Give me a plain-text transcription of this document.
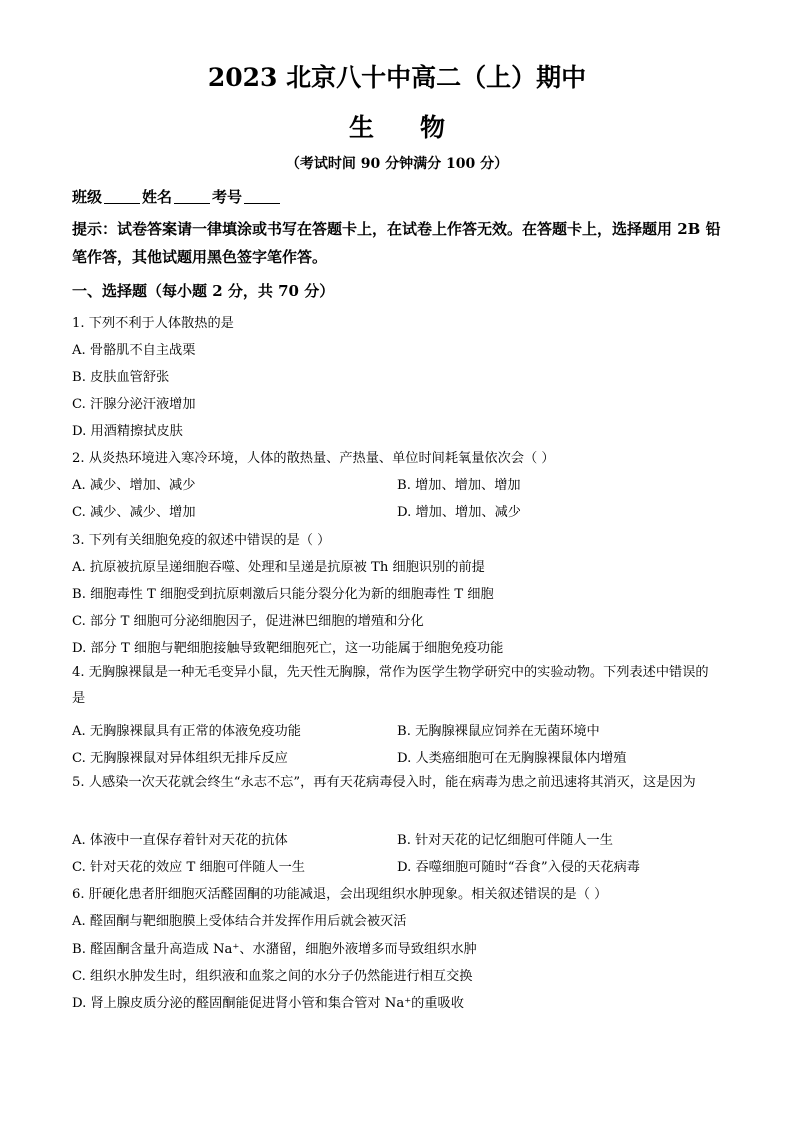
2023 北京八十中高二（上）期中
生 物
（考试时间 90 分钟满分 100 分）
班级	姓名	考号
提示：试卷答案请一律填涂或书写在答题卡上，在试卷上作答无效。在答题卡上，选择题用 2B 铅笔作答，其他试题用黑色签字笔作答。
一、选择题（每小题 2 分，共 70 分）
1. 下列不利于人体散热的是
A. 骨骼肌不自主战栗
B. 皮肤血管舒张
C. 汗腺分泌汗液增加
D. 用酒精擦拭皮肤
2. 从炎热环境进入寒冷环境，人体的散热量、产热量、单位时间耗氧量依次会（ ）
A. 减少、增加、减少	B. 增加、增加、增加
C. 减少、减少、增加	D. 增加、增加、减少
3. 下列有关细胞免疫的叙述中错误的是（ ）
A. 抗原被抗原呈递细胞吞噬、处理和呈递是抗原被 Th 细胞识别的前提
B. 细胞毒性 T 细胞受到抗原刺激后只能分裂分化为新的细胞毒性 T 细胞
C. 部分 T 细胞可分泌细胞因子，促进淋巴细胞的增殖和分化
D. 部分 T 细胞与靶细胞接触导致靶细胞死亡，这一功能属于细胞免疫功能
4. 无胸腺裸鼠是一种无毛变异小鼠，先天性无胸腺，常作为医学生物学研究中的实验动物。下列表述中错误的是
A. 无胸腺裸鼠具有正常的体液免疫功能	B. 无胸腺裸鼠应饲养在无菌环境中
C. 无胸腺裸鼠对异体组织无排斥反应	D. 人类癌细胞可在无胸腺裸鼠体内增殖
5. 人感染一次天花就会终生“永志不忘”，再有天花病毒侵入时，能在病毒为患之前迅速将其消灭，这是因为
A. 体液中一直保存着针对天花的抗体	B. 针对天花的记忆细胞可伴随人一生
C. 针对天花的效应 T 细胞可伴随人一生	D. 吞噬细胞可随时“吞食”入侵的天花病毒
6. 肝硬化患者肝细胞灭活醛固酮的功能减退，会出现组织水肿现象。相关叙述错误的是（ ）
A. 醛固酮与靶细胞膜上受体结合并发挥作用后就会被灭活
B. 醛固酮含量升高造成 Na⁺、水潴留，细胞外液增多而导致组织水肿
C. 组织水肿发生时，组织液和血浆之间的水分子仍然能进行相互交换
D. 肾上腺皮质分泌的醛固酮能促进肾小管和集合管对 Na⁺的重吸收
